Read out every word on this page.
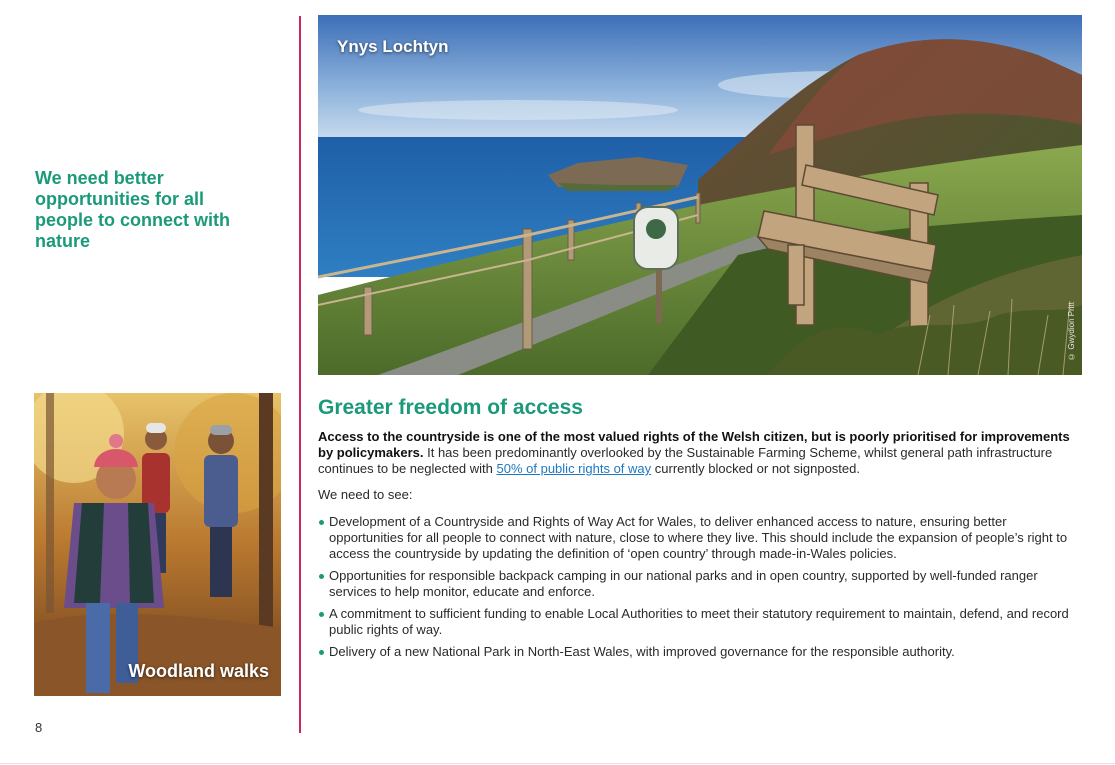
We need better opportunities for all people to connect with nature
Ynys Lochtyn
© Gwydion Pritt
Woodland walks
Greater freedom of access

Access to the countryside is one of the most valued rights of the Welsh citizen, but is poorly prioritised for improvements by policymakers. It has been predominantly overlooked by the Sustainable Farming Scheme, whilst general path infrastructure continues to be neglected with 50% of public rights of way currently blocked or not signposted.

We need to see:

Development of a Countryside and Rights of Way Act for Wales, to deliver enhanced access to nature, ensuring better opportunities for all people to connect with nature, close to where they live. This should include the expansion of people’s right to access the countryside by updating the definition of ‘open country’ through made-in-Wales policies.
Opportunities for responsible backpack camping in our national parks and in open country, supported by well-funded ranger services to help monitor, educate and enforce.
A commitment to sufficient funding to enable Local Authorities to meet their statutory requirement to maintain, defend, and record public rights of way.
Delivery of a new National Park in North-East Wales, with improved governance for the responsible authority.
8
